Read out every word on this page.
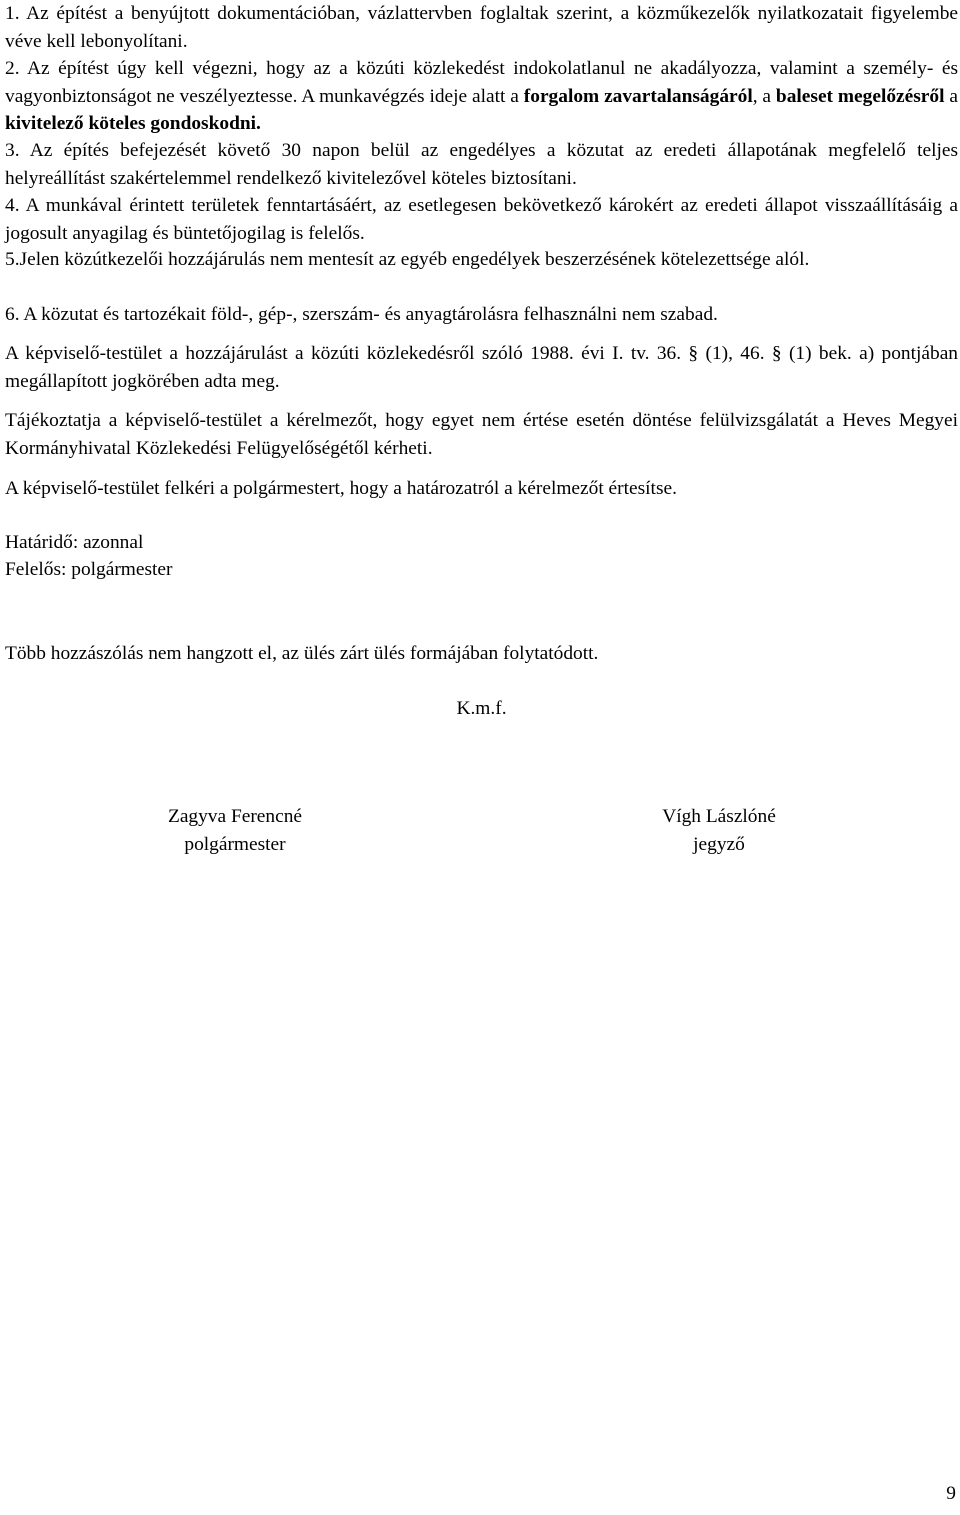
1. Az építést a benyújtott dokumentációban, vázlattervben foglaltak szerint, a közműkezelők nyilatkozatait figyelembe véve kell lebonyolítani.

2. Az építést úgy kell végezni, hogy az a közúti közlekedést indokolatlanul ne akadályozza, valamint a személy- és vagyonbiztonságot ne veszélyeztesse. A munkavégzés ideje alatt a forgalom zavartalanságáról, a baleset megelőzésről a kivitelező köteles gondoskodni.

3. Az építés befejezését követő 30 napon belül az engedélyes a közutat az eredeti állapotának megfelelő teljes helyreállítást szakértelemmel rendelkező kivitelezővel köteles biztosítani.

4. A munkával érintett területek fenntartásáért, az esetlegesen bekövetkező károkért az eredeti állapot visszaállításáig a jogosult anyagilag és büntetőjogilag is felelős.

5.Jelen közútkezelői hozzájárulás nem mentesít az egyéb engedélyek beszerzésének kötelezettsége alól.

6. A közutat és tartozékait föld-, gép-, szerszám- és anyagtárolásra felhasználni nem szabad.

A képviselő-testület a hozzájárulást a közúti közlekedésről szóló 1988. évi I. tv. 36. § (1), 46. § (1) bek. a) pontjában megállapított jogkörében adta meg.

Tájékoztatja a képviselő-testület a kérelmezőt, hogy egyet nem értése esetén döntése felülvizsgálatát a Heves Megyei Kormányhivatal Közlekedési Felügyelőségétől kérheti.

A képviselő-testület felkéri a polgármestert, hogy a határozatról a kérelmezőt értesítse.

Határidő: azonnal

Felelős: polgármester

Több hozzászólás nem hangzott el, az ülés zárt ülés formájában folytatódott.

K.m.f.
Zagyva Ferencné
polgármester
Vígh Lászlóné
jegyző
9
